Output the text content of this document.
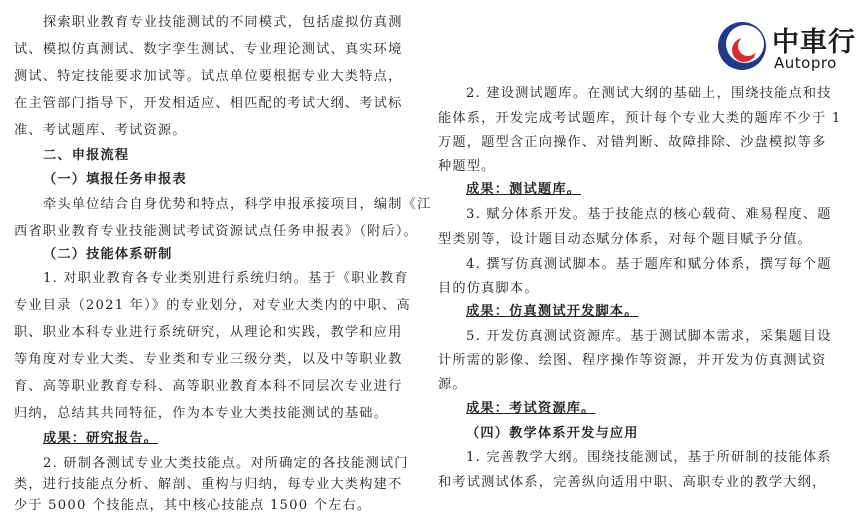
中車行
Autopro
探索职业教育专业技能测试的不同模式，包括虚拟仿真测
试、模拟仿真测试、数字孪生测试、专业理论测试、真实环境
测试、特定技能要求加试等。试点单位要根据专业大类特点，
在主管部门指导下，开发相适应、相匹配的考试大纲、考试标
准、考试题库、考试资源。
二、申报流程
（一）填报任务申报表
牵头单位结合自身优势和特点，科学申报承接项目，编制《江
西省职业教育专业技能测试考试资源试点任务申报表》（附后）。
（二）技能体系研制
1. 对职业教育各专业类别进行系统归纳。基于《职业教育
专业目录（2021 年）》的专业划分，对专业大类内的中职、高
职、职业本科专业进行系统研究，从理论和实践，教学和应用
等角度对专业大类、专业类和专业三级分类，以及中等职业教
育、高等职业教育专科、高等职业教育本科不同层次专业进行
归纳，总结其共同特征，作为本专业大类技能测试的基础。
成果：研究报告。
2. 研制各测试专业大类技能点。对所确定的各技能测试门
类，进行技能点分析、解剖、重构与归纳，每专业大类构建不
少于 5000 个技能点，其中核心技能点 1500 个左右。
2. 建设测试题库。在测试大纲的基础上，围绕技能点和技
能体系，开发完成考试题库，预计每个专业大类的题库不少于 1
万题，题型含正向操作、对错判断、故障排除、沙盘模拟等多
种题型。
成果：测试题库。
3. 赋分体系开发。基于技能点的核心载荷、难易程度、题
型类别等，设计题目动态赋分体系，对每个题目赋予分值。
4. 撰写仿真测试脚本。基于题库和赋分体系，撰写每个题
目的仿真脚本。
成果：仿真测试开发脚本。
5. 开发仿真测试资源库。基于测试脚本需求，采集题目设
计所需的影像、绘图、程序操作等资源，并开发为仿真测试资
源。
成果：考试资源库。
（四）教学体系开发与应用
1. 完善教学大纲。围绕技能测试，基于所研制的技能体系
和考试测试体系，完善纵向适用中职、高职专业的教学大纲，
